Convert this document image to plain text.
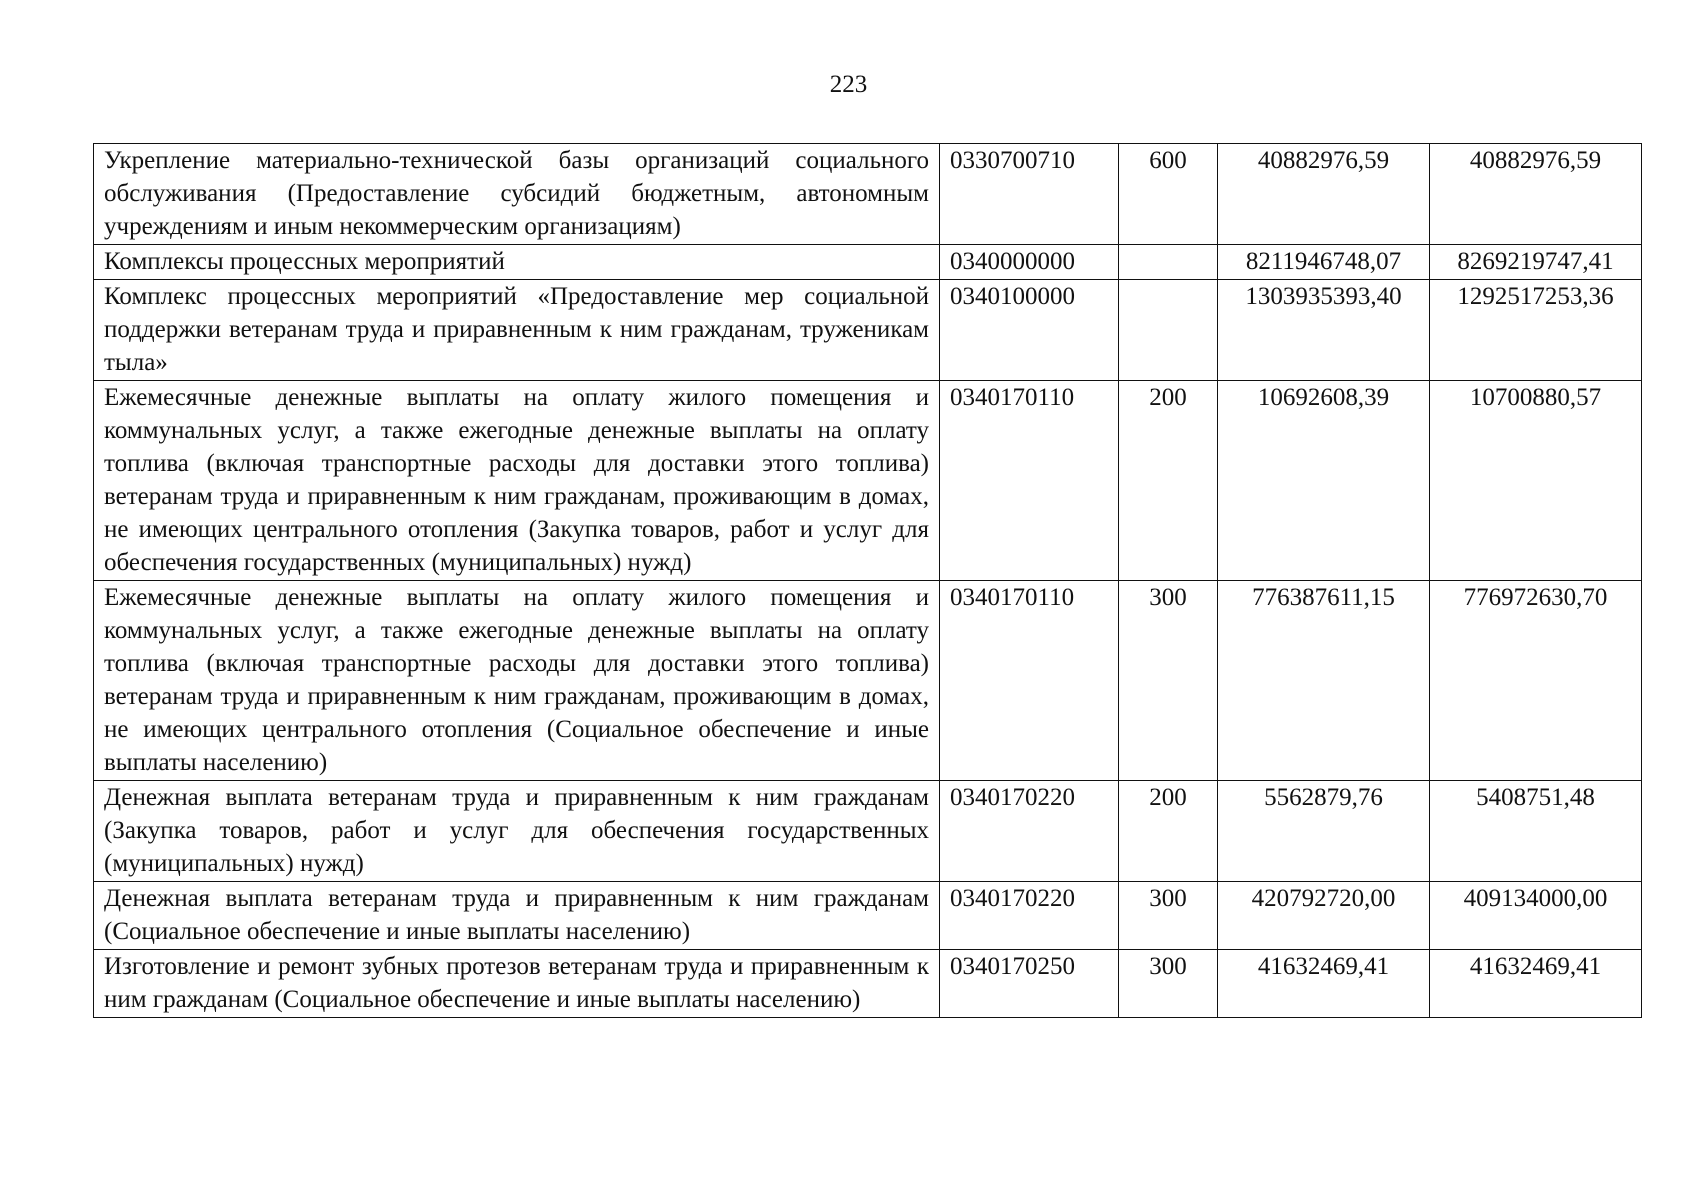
223
Укрепление материально-технической базы организаций социального обслуживания (Предоставление субсидий бюджетным, автономным учреждениям и иным некоммерческим организациям)	0330700710	600	40882976,59	40882976,59
Комплексы процессных мероприятий	0340000000		8211946748,07	8269219747,41
Комплекс процессных мероприятий «Предоставление мер социальной поддержки ветеранам труда и приравненным к ним гражданам, труженикам тыла»	0340100000		1303935393,40	1292517253,36
Ежемесячные денежные выплаты на оплату жилого помещения и коммунальных услуг, а также ежегодные денежные выплаты на оплату топлива (включая транспортные расходы для доставки этого топлива) ветеранам труда и приравненным к ним гражданам, проживающим в домах, не имеющих центрального отопления (Закупка товаров, работ и услуг для обеспечения государственных (муниципальных) нужд)	0340170110	200	10692608,39	10700880,57
Ежемесячные денежные выплаты на оплату жилого помещения и коммунальных услуг, а также ежегодные денежные выплаты на оплату топлива (включая транспортные расходы для доставки этого топлива) ветеранам труда и приравненным к ним гражданам, проживающим в домах, не имеющих центрального отопления (Социальное обеспечение и иные выплаты населению)	0340170110	300	776387611,15	776972630,70
Денежная выплата ветеранам труда и приравненным к ним гражданам (Закупка товаров, работ и услуг для обеспечения государственных (муниципальных) нужд)	0340170220	200	5562879,76	5408751,48
Денежная выплата ветеранам труда и приравненным к ним гражданам (Социальное обеспечение и иные выплаты населению)	0340170220	300	420792720,00	409134000,00
Изготовление и ремонт зубных протезов ветеранам труда и приравненным к ним гражданам (Социальное обеспечение и иные выплаты населению)	0340170250	300	41632469,41	41632469,41
